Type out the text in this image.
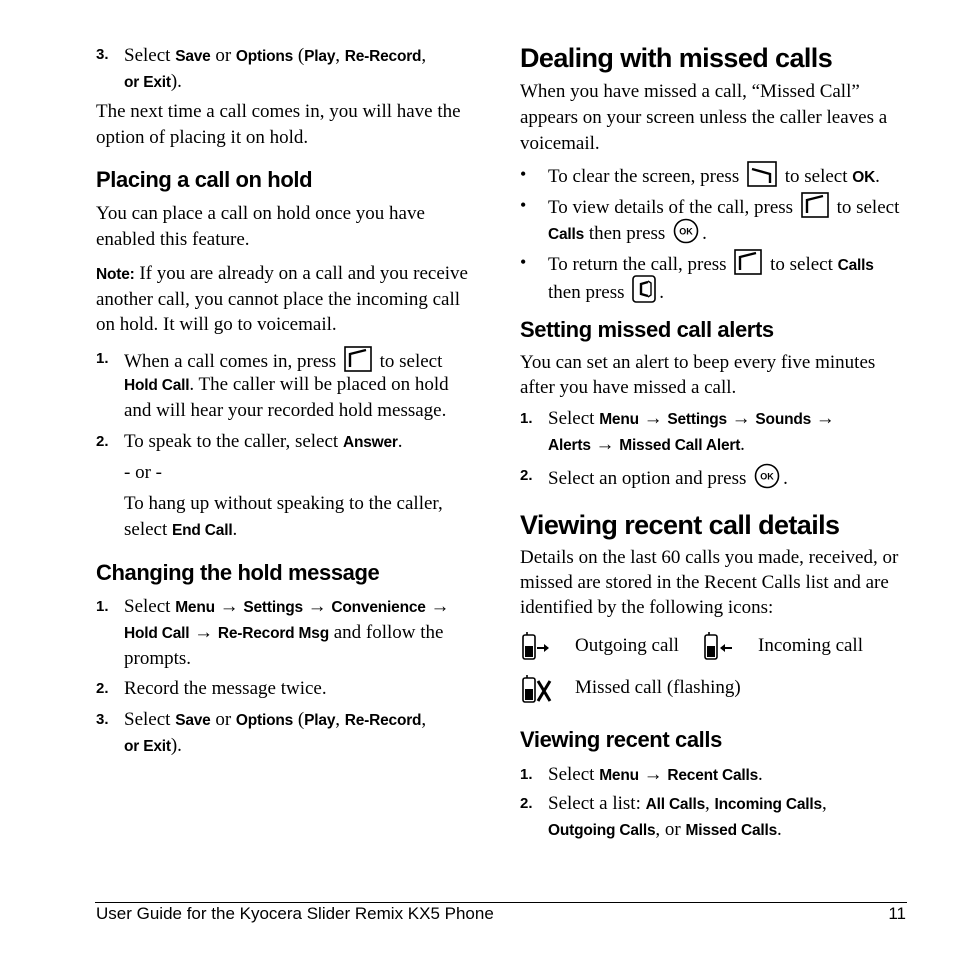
3. Select Save or Options (Play, Re-Record,
or Exit).
The next time a call comes in, you will have the
option of placing it on hold.
Placing a call on hold
You can place a call on hold once you have
enabled this feature.
Note: If you are already on a call and you receive
another call, you cannot place the incoming call
on hold. It will go to voicemail.
1. When a call comes in, press to select
Hold Call. The caller will be placed on hold
and will hear your recorded hold message.
2. To speak to the caller, select Answer.
- or -
To hang up without speaking to the caller,
select End Call.
Changing the hold message
1. Select Menu → Settings → Convenience →
Hold Call → Re-Record Msg and follow the
prompts.
2. Record the message twice.
3. Select Save or Options (Play, Re-Record,
or Exit).
Dealing with missed calls
When you have missed a call, “Missed Call”
appears on your screen unless the caller leaves a
voicemail.
• To clear the screen, press to select OK.
• To view details of the call, press to select
Calls then press OK .
• To return the call, press to select Calls
then press .
Setting missed call alerts
You can set an alert to beep every five minutes
after you have missed a call.
1. Select Menu → Settings → Sounds →
Alerts → Missed Call Alert.
2. Select an option and press OK .
Viewing recent call details
Details on the last 60 calls you made, received, or
missed are stored in the Recent Calls list and are
identified by the following icons:
Outgoing call	Incoming call
Missed call (flashing)
Viewing recent calls
1. Select Menu → Recent Calls.
2. Select a list: All Calls, Incoming Calls,
Outgoing Calls, or Missed Calls.
User Guide for the Kyocera Slider Remix KX5 Phone	11
